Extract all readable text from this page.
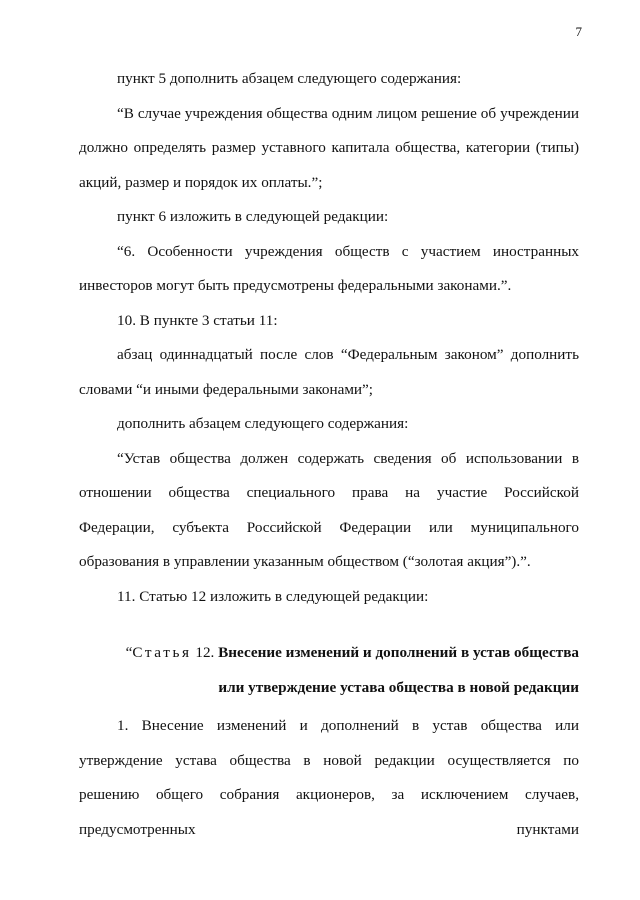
7

пункт 5 дополнить абзацем следующего содержания:

“В случае учреждения общества одним лицом решение об учреждении должно определять размер уставного капитала общества, категории (типы) акций, размер и порядок их оплаты.”;

пункт 6 изложить в следующей редакции:

“6. Особенности учреждения обществ с участием иностранных инвесторов могут быть предусмотрены федеральными законами.”.

10. В пункте 3 статьи 11:

абзац одиннадцатый после слов “Федеральным законом” дополнить словами “и иными федеральными законами”;

дополнить абзацем следующего содержания:

“Устав общества должен содержать сведения об использовании в отношении общества специального права на участие Российской Федерации, субъекта Российской Федерации или муниципального образования в управлении указанным обществом (“золотая акция”).”.

11. Статью 12 изложить в следующей редакции:

“Статья 12. Внесение изменений и дополнений в устав общества
или утверждение устава общества в новой редакции

1. Внесение изменений и дополнений в устав общества или утверждение устава общества в новой редакции осуществляется по решению общего собрания акционеров, за исключением случаев, предусмотренных пунктами
